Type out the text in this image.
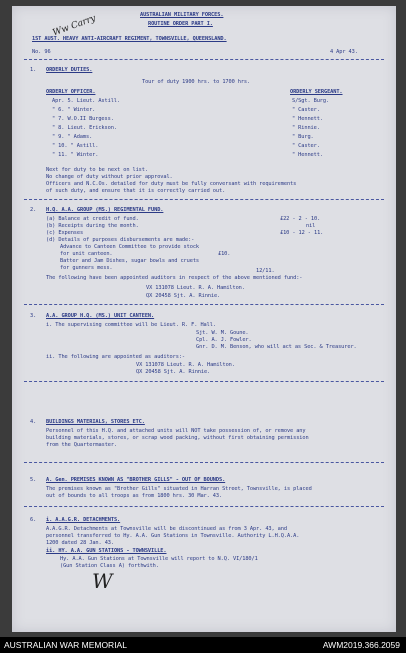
Ww Carry	AUSTRALIAN MILITARY FORCES.
ROUTINE ORDER PART I.
1ST AUST. HEAVY ANTI-AIRCRAFT REGIMENT, TOWNSVILLE, QUEENSLAND.
No. 96	4 Apr 43.
1. ORDERLY DUTIES.
Tour of duty 1900 hrs. to 1700 hrs.
ORDERLY OFFICER.	ORDERLY SERGEANT.
Apr. 5. Lieut. Astill.	S/Sgt. Burg.
" 6. " Winter.	" Caster.
" 7. W.O.II Burgess.	" Hennett.
" 8. Lieut. Erickson.	" Rinnie.
" 9. " Adams.	" Burg.
" 10. " Astill.	" Caster.
" 11. " Winter.	" Hennett.
Next for duty to be next on list.
No change of duty without prior approval.
Officers and N.C.Os. detailed for duty must be fully conversant with requirements
of such duty, and ensure that it is correctly carried out.
2. H.Q. A.A. GROUP (MS.) REGIMENTAL FUND.
(a) Balance at credit of fund.	£22 - 2 - 10.
(b) Receipts during the month.	nil
(c) Expenses	£10 - 12 - 11.
(d) Details of purposes disbursements are made:-
Advance to Canteen Committee to provide stock
for unit canteen.	£10.
Batter and Jam Dishes, sugar bowls and cruets
for gunners mess.	12/11.
The following have been appointed auditors in respect of the above mentioned fund:-
VX 131078 Lieut. R. A. Hamilton.
QX 20458 Sjt. A. Rinnie.
3. A.A. GROUP H.Q. (MS.) UNIT CANTEEN.
i. The supervising committee will be Lieut. R. F. Hall.
Sjt. W. M. Goune.
Cpl. A. J. Fowler.
Gnr. D. M. Benson, who will act as Sec. & Treasurer.
ii. The following are appointed as auditors:-
VX 131078 Lieut. R. A. Hamilton.
QX 20458 Sjt. A. Rinnie.
4. BUILDINGS MATERIALS, STORES ETC.
Personnel of this H.Q. and attached units will NOT take possession of, or remove any
building materials, stores, or scrap wood packing, without first obtaining permission
from the Quartermaster.
5. A. Gen. PREMISES KNOWN AS "BROTHER GILLS" - OUT OF BOUNDS.
The premises known as "Brother Gills" situated in Harran Street, Townsville, is placed
out of bounds to all troops as from 1800 hrs. 30 Mar. 43.
6. i. A.A.G.R. DETACHMENTS.
A.A.G.R. Detachments at Townsville will be discontinued as from 3 Apr. 43, and
personnel transferred to Hy. A.A. Gun Stations in Townsville. Authority L.H.Q.A.A.
1200 dated 28 Jan. 43.
ii. HY. A.A. GUN STATIONS - TOWNSVILLE.
Hy. A.A. Gun Stations at Townsville will report to N.Q. VI/180/1
(Gun Station Class A) forthwith.
W
AUSTRALIAN WAR MEMORIAL	AWM2019.366.2059
